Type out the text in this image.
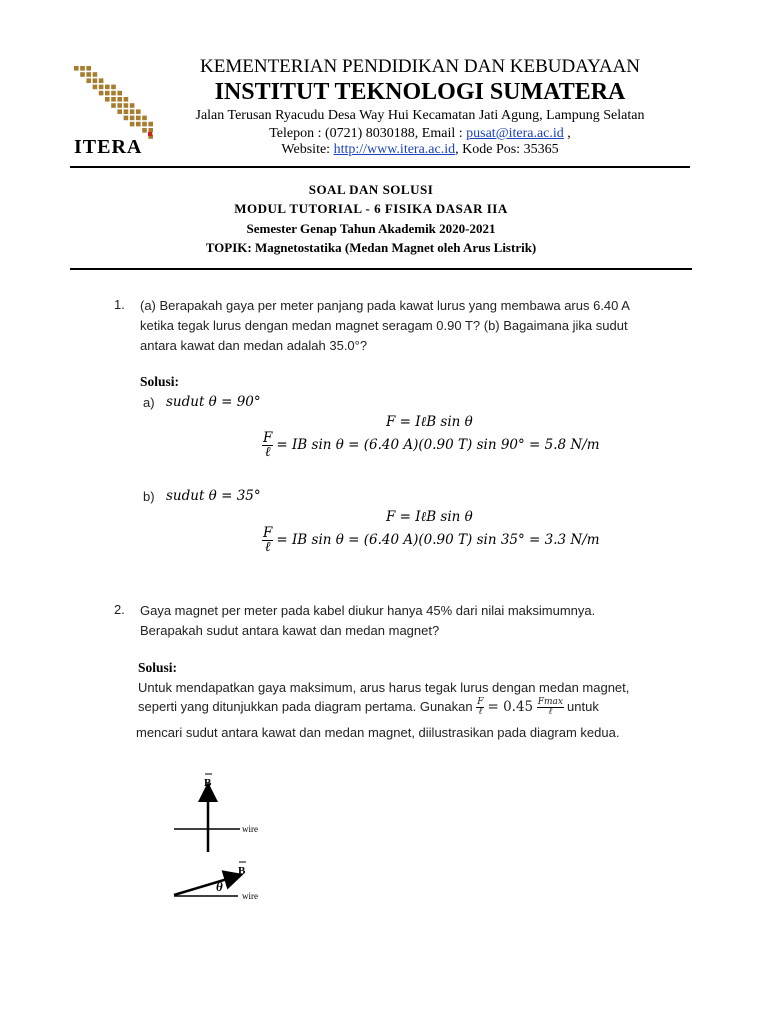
ITERA
KEMENTERIAN PENDIDIKAN DAN KEBUDAYAAN
INSTITUT TEKNOLOGI SUMATERA
Jalan Terusan Ryacudu Desa Way Hui Kecamatan Jati Agung, Lampung Selatan
Telepon : (0721) 8030188, Email : pusat@itera.ac.id ,
Website: http://www.itera.ac.id, Kode Pos: 35365
SOAL DAN SOLUSI
MODUL TUTORIAL - 6 FISIKA DASAR IIA
Semester Genap Tahun Akademik 2020-2021
TOPIK: Magnetostatika (Medan Magnet oleh Arus Listrik)
1. (a) Berapakah gaya per meter panjang pada kawat lurus yang membawa arus 6.40 A
ketika tegak lurus dengan medan magnet seragam 0.90 T? (b) Bagaimana jika sudut
antara kawat dan medan adalah 35.0°?
Solusi:
a) sudut θ = 90°
F = IℓB sin θ
$\frac{F}{\text{ℓ}}$ = IB sin θ = (6.40 A)(0.90 T) sin 90° = 5.8 N/m
b) sudut θ = 35°
F = IℓB sin θ
$\frac{F}{\text{ℓ}}$ = IB sin θ = (6.40 A)(0.90 T) sin 35° = 3.3 N/m
2. Gaya magnet per meter pada kabel diukur hanya 45% dari nilai maksimumnya.
Berapakah sudut antara kawat dan medan magnet?
Solusi:
Untuk mendapatkan gaya maksimum, arus harus tegak lurus dengan medan magnet,
seperti yang ditunjukkan pada diagram pertama. Gunakan $\frac{F}{\text{ℓ}} = 0.45 \frac{Fmax}{\text{ℓ}}$ untuk
mencari sudut antara kawat dan medan magnet, diilustrasikan pada diagram kedua.
B
wire
B
θ
wire
